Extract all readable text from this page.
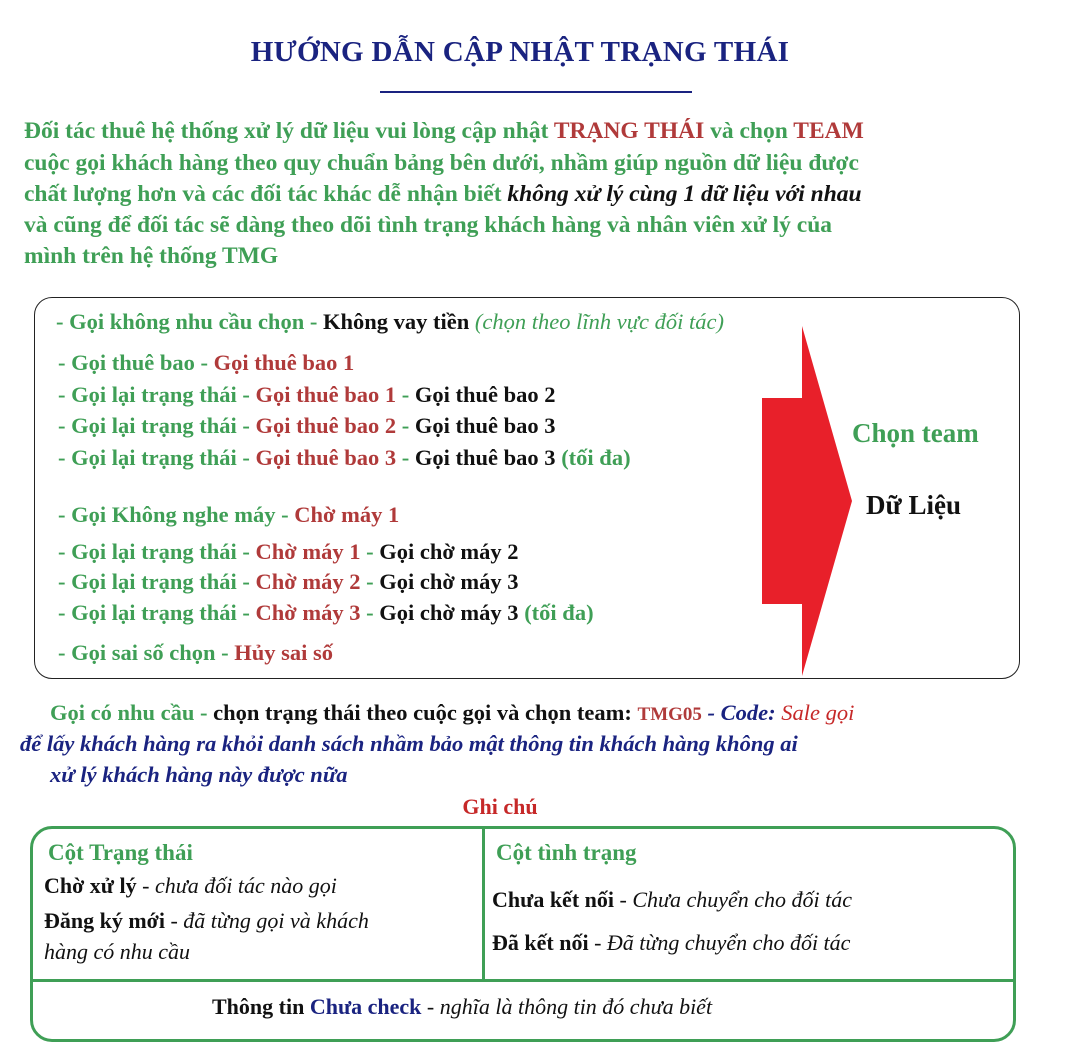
HƯỚNG DẪN CẬP NHẬT TRẠNG THÁI
Đối tác thuê hệ thống xử lý dữ liệu vui lòng cập nhật TRẠNG THÁI và chọn TEAM
cuộc gọi khách hàng theo quy chuẩn bảng bên dưới, nhầm giúp nguồn dữ liệu được
chất lượng hơn và các đối tác khác dễ nhận biết không xử lý cùng 1 dữ liệu với nhau
và cũng để đối tác sẽ dàng theo dõi tình trạng khách hàng và nhân viên xử lý của
mình trên hệ thống TMG
- Gọi không nhu cầu chọn - Không vay tiền (chọn theo lĩnh vực đối tác)
- Gọi thuê bao - Gọi thuê bao 1
- Gọi lại trạng thái - Gọi thuê bao 1 - Gọi thuê bao 2
- Gọi lại trạng thái - Gọi thuê bao 2 - Gọi thuê bao 3
- Gọi lại trạng thái - Gọi thuê bao 3 - Gọi thuê bao 3 (tối đa)
- Gọi Không nghe máy - Chờ máy 1
- Gọi lại trạng thái - Chờ máy 1 - Gọi chờ máy 2
- Gọi lại trạng thái - Chờ máy 2 - Gọi chờ máy 3
- Gọi lại trạng thái - Chờ máy 3 - Gọi chờ máy 3 (tối đa)
- Gọi sai số chọn - Hủy sai số
Chọn team
Dữ Liệu
Gọi có nhu cầu - chọn trạng thái theo cuộc gọi và chọn team: TMG05 - Code: Sale gọi
để lấy khách hàng ra khỏi danh sách nhầm bảo mật thông tin khách hàng không ai
xử lý khách hàng này được nữa
Ghi chú
Cột Trạng thái
Chờ xử lý - chưa đối tác nào gọi
Đăng ký mới - đã từng gọi và khách
hàng có nhu cầu
Cột tình trạng
Chưa kết nối - Chưa chuyển cho đối tác
Đã kết nối - Đã từng chuyển cho đối tác
Thông tin Chưa check - nghĩa là thông tin đó chưa biết
